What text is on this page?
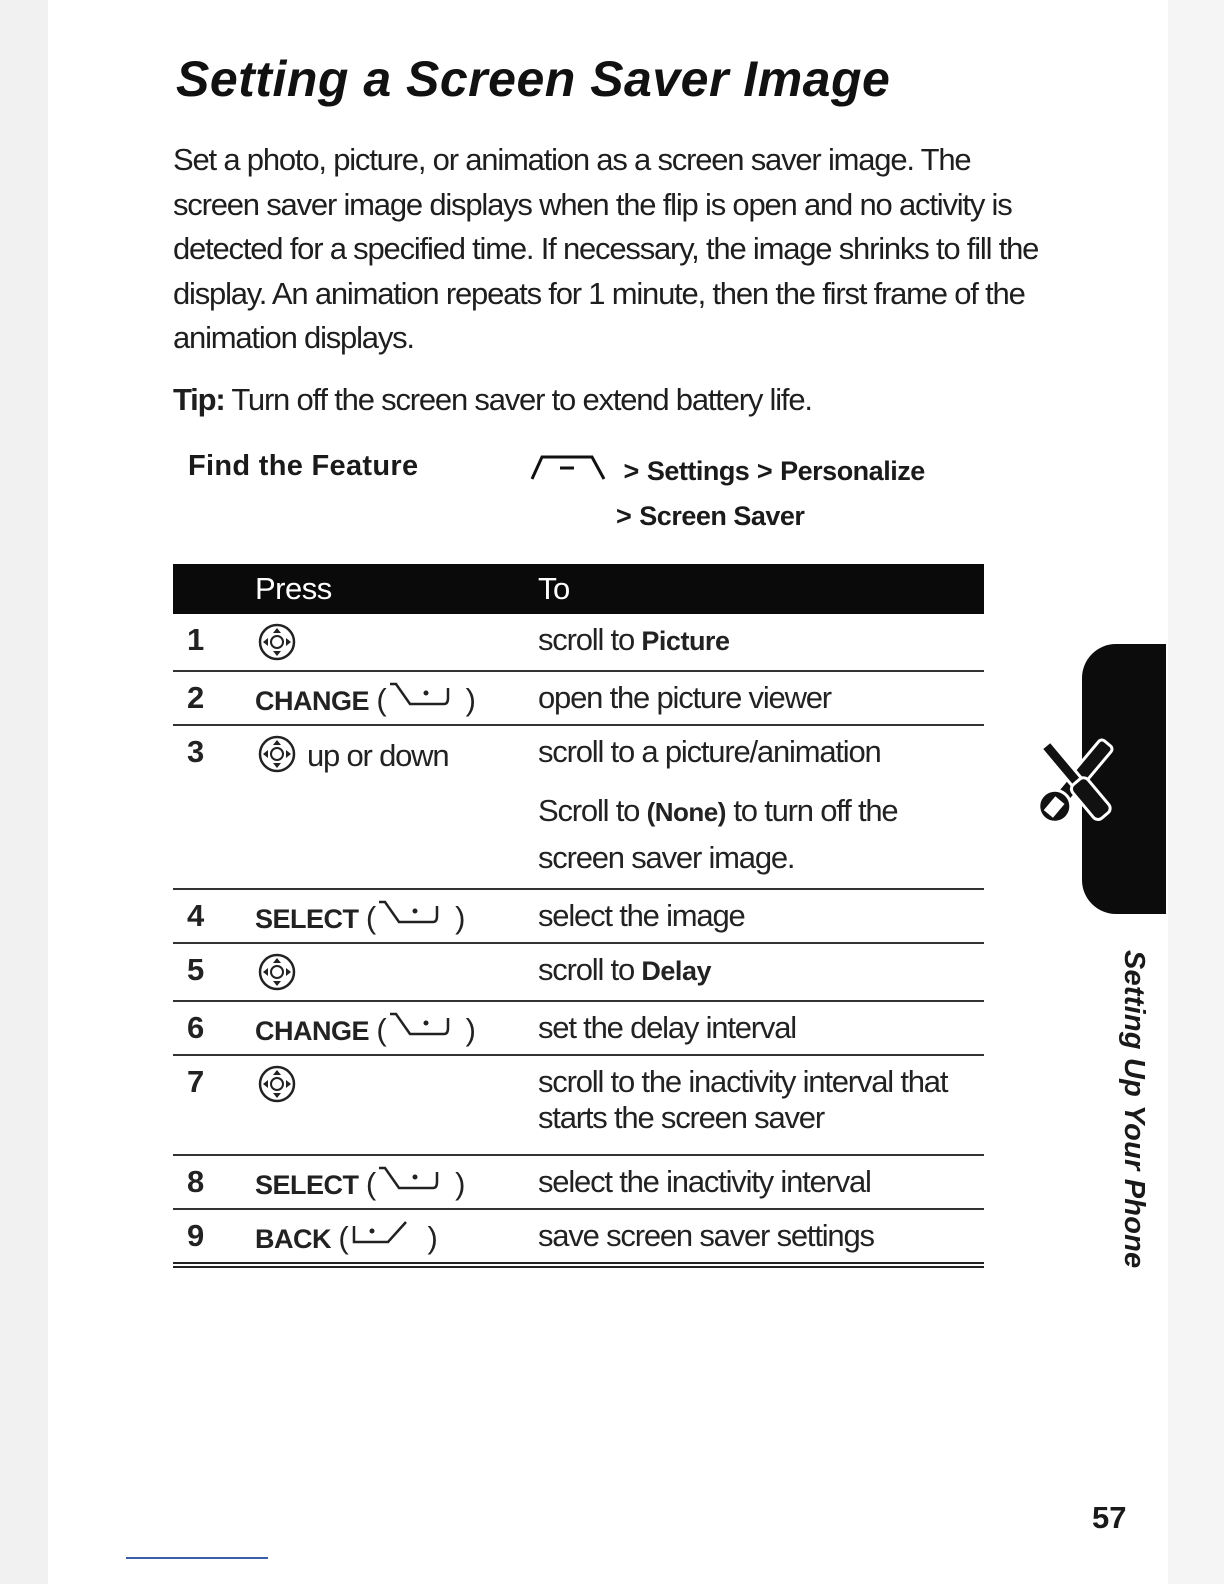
Setting a Screen Saver Image

Set a photo, picture, or animation as a screen saver image. The screen saver image displays when the flip is open and no activity is detected for a specified time. If necessary, the image shrinks to fill the display. An animation repeats for 1 minute, then the first frame of the animation displays.

Tip: Turn off the screen saver to extend battery life.

Find the Feature	> Settings > Personalize
> Screen Saver
	Press	To
1		scroll to Picture
2	CHANGE ( )	open the picture viewer
3	up or down	scroll to a picture/animation
Scroll to (None) to turn off the screen saver image.

4	SELECT ( )	select the image
5		scroll to Delay
6	CHANGE ( )	set the delay interval
7		scroll to the inactivity interval that starts the screen saver
8	SELECT ( )	select the inactivity interval
9	BACK ( )	save screen saver settings	Setting Up Your Phone
57
